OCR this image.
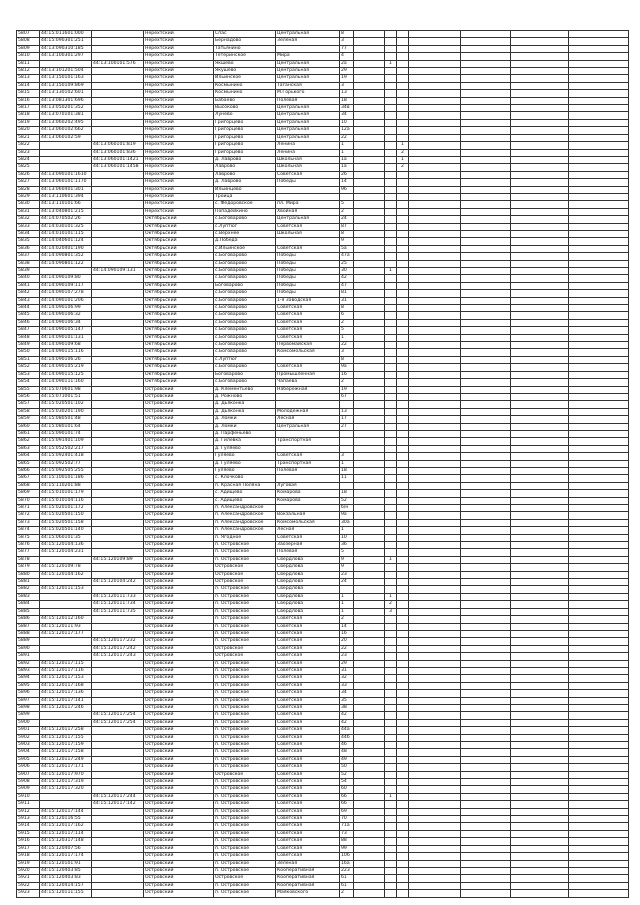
5807	44:15:011601:000		Нерехтский	Спас	Центральная	8							
5808	44:15:090301:251		Нерехтский	Бернадово	Зеленая	3							
5809	44:13:090310:185		Нерехтский	Татьянино		77							
5810	44:13:100301:297		Нерехтский	Тетеринское	Мира	4							
5811		44:13:100101:576	Нерехтский	Якшево	Центральная	2а		1					
5812	44:13:101201:504		Нерехтский	Якушево	Центральная	29							
5813	44:13:150101:163		Нерехтский	Ильинское	Центральная	19							
5814	44:13:150109:869		Нерехтский	Космынино	Таганская	3							
5815	44:13:130102:601		Нерехтский	Космынино	М.Горького	13							
5816	44:13:081301:696		Нерехтский	Бабаево	Полевая	18							
5817	44:13:050201:352		Нерехтский	Высоково	Центральная	34в							
5818	44:13:070101:381		Нерехтский	Лунево	Центральная	34							
5819	44:13:060202:495		Нерехтский	Григорцево	Центральная	10							
5820	44:13:060102:662		Нерехтский	Григорцево	Центральная	12а							
5821	44:13:060102:59		Нерехтский	Григорцево	Центральная	22							
5822		44:13:060101:819	Нерехтский	Григорцево	Ленина	1			1				
5823		44:13:060101:836	Нерехтский	Григорцево	Ленина	1			2				
5824		44:13:060101:1421	Нерехтский	д. Лаврово	Школьная	1а			1				
5825		44:13:060101:1458	Нерехтский	Лаврово	Школьная	1а			2				
5826	44:13:090101:1610		Нерехтский	Лаврово	Советская	26							
5827	44:13:060101:1170		Нерехтский	д. Лаврово	Победы	14							
5828	44:13:060401:301		Нерехтский	Ильинцево		96							
5829	44:13:110601:394		Нерехтский	Троица									
5830	44:13:110101:66		Нерехтский	с. Федоровское	пл. Мира	5							
5831	44:13:040801:215		Нерехтский	Попадейкино	Хвойная	2							
5832	44:14:070502:26		Октябрьский	с.Боговарово	Центральная	24							
5833	44:14:030101:325		Октябрьский	с.Луптюг	Советская	87							
5834	44:14:010101:115		Октябрьский	с.Верхнее	Школьная	8							
5835	44:14:040601:124		Октябрьский	д.Победа		9							
5836	44:14:020401:190		Октябрьский	с.Ильинское	Советская	5а							
5837	44:14:090801:352		Октябрьский	с.Боговарово	Победы	47а							
5838	44:14:090801:122		Октябрьский	с.Боговарово	Победы	25							
5839		44:14:090109:131	Октябрьский	с.Боговарово	Победы	30		1					
5840	44:14:090109:80		Октябрьский	с.Боговарово	Победы	42							
5841	44:14:090109:117		Октябрьский	Боговарово	Победы	47							
5842	44:14:090107:278		Октябрьский	с.Боговарово	Победы	81							
5843	44:14:090101:206		Октябрьский	с.Боговарово	1-я Заводская	31							
5844	44:14:090106:99		Октябрьский	с.Боговарово	Советская	8							
5845	44:14:090106:32		Октябрьский	с.Боговарово	Советская	6							
5846	44:14:090106:34		Октябрьский	с.Боговарово	Советская	2							
5847	44:14:090105:147		Октябрьский	с.Боговарово	Советская	5							
5848	44:14:090101:131		Октябрьский	с.Боговарово	Советская	1							
5849	44:14:090109:68		Октябрьский	с.Боговарово	Первомайская	22							
5850	44:14:090115:116		Октябрьский	с.Боговарово	Комсомольская	3							
5851	44:14:090106:26		Октябрьский	с.Луптюг		8							
5852	44:14:090105:219		Октябрьский	с.Боговарово	Советская	9а							
5853	44:14:090115:125		Октябрьский	Боговарово	Промышленная	16							
5854	44:14:090111:160		Октябрьский	с.Боговарово	Чапаева	2							
5855	44:15:070601:98		Островский	д. Клементьево	Набережная	19							
5856	44:15:071001:51		Островский	д. Рожново		67							
5857	44:15:020501:102		Островский	д. Дьяконка									
5858	44:15:030201:190		Островский	д. Дьяконка	Молодежная	13							
5859	44:15:080501:48		Островский	д. Ломки	Лесная	17							
5860	44:15:080101:64		Островский	д. Ломки	Центральная	27							
5861	44:15:090101:74		Островский	д. Парфеньево									
5862	44:15:091401:109		Островский	д. Гилевка	Транспортная								
5863	44:15:052502:217		Островский	д. Гуляево									
5864	44:15:092401:418		Островский	Гуляево	Советская	3							
5865	44:15:092502:77		Островский	д. Гуляево	Транспортная	1							
5866	44:15:092505:255		Островский	Гуляево	Полевая	18							
5867	44:15:100101:186		Островский	с. Клочково		11							
5868	44:15:110201:88		Островский	п. Красная Поляна	Луговая								
5869	44:15:010101:179		Островский	с. Адищево	Комарова	18							
5870	44:15:010104:116		Островский	с. Адищево	Комарова	52							
5871	44:15:020101:172		Островский	п. Александровское		б/н							
5872	44:15:020501:150		Островский	п. Александровское	Вокзальная	9а							
5873	44:15:020501:158		Островский	п. Александровское	Комсомольская	30а							
5874	44:15:020501:140		Островский	п. Александровское	Лесная	1							
5875	44:15:060101:35		Островский	п. Ягодное	Советская	10							
5876	44:15:120104:136		Островский	п. Островское	Заозерная	36							
5877	44:15:120104:231		Островский	п. Островское	Полевая	5							
5878		44:15:120109:89	Островский	п. Островское	Свердлова	9		1					
5879	44:15:120109:78		Островский	Островское	Свердлова	9							
5880	44:15:120104:162		Островский	Островское	Свердлова	23							
5881		44:15:120104:242	Островский	Островское	Свердлова	24							
5882	44:15:120111:153		Островский	п. Островское	Свердлова								
5883		44:15:120111:733	Островский	п. Островское	Свердлова	1		1					
5884		44:15:120111:734	Островский	п. Островское	Свердлова	1		2					
5885		44:15:120111:735	Островский	п. Островское	Свердлова	1		3					
5886	44:15:120112:160		Островский	п. Островское	Советская	2							
5887	44:15:120111:93		Островский	п. Островское	Советская	14							
5888	44:15:120117:177		Островский	п. Островское	Советская	16							
5889		44:15:120117:232	Островский	п. Островское	Советская	20							
5890		44:15:120117:242	Островский	Островское	Советская	22							
5891		44:15:120117:243	Островский	Островское	Советская	23							
5892	44:15:120117:115		Островский	п. Островское	Советская	29							
5893	44:15:120117:116		Островский	п. Островское	Советская	31							
5894	44:15:120117:153		Островский	п. Островское	Советская	32							
5895	44:15:120117:168		Островский	п. Островское	Советская	33							
5896	44:15:120117:136		Островский	п. Островское	Советская	34							
5897	44:15:120117:141		Островский	п. Островское	Советская	35							
5898	44:15:120117:246		Островский	п. Островское	Советская	38							
5899		44:15:120117:254	Островский	п. Островское	Советская	42							
5900		44:15:120117:254	Островский	п. Островское	Советская	42							
5901	44:15:120117:258		Островский	п. Островское	Советская	44а							
5902	44:15:120117:155		Островский	п. Островское	Советская	44б							
5903	44:15:120117:159		Островский	п. Островское	Советская	46							
5904	44:15:120117:158		Островский	п. Островское	Советская	48							
5905	44:15:120117:249		Островский	п. Островское	Советская	49							
5906	44:15:120117:171		Островский	п. Островское	Советская	50							
5907	44:15:120117:970		Островский	Островское	Советская	52							
5908	44:15:120117:319		Островский	п. Островское	Советская	54							
5909	44:15:120117:320		Островский	п. Островское	Советская	60							
5910		44:15:120117:244	Островский	п. Островское	Советская	66		1					
5911		44:15:120117:142	Островский	п. Островское	Советская	66							
5912	44:15:120117:144		Островский	п. Островское	Советская	69							
5913	44:15:120116:55		Островский	п. Островское	Советская	70							
5914	44:15:120117:162		Островский	п. Островское	Советская	71а							
5915	44:15:120117:114		Островский	п. Островское	Советская	73							
5916	44:15:120317:148		Островский	п. Островское	Советская	88							
5917	44:15:120407:56		Островский	п. Островское	Советская	99							
5918	44:15:120117:174		Островский	п. Островское	Советская	106							
5919	44:15:120101:91		Островский	п. Островское	Зеленая	16а							
5920	44:15:120403:85		Островский	п. Островское	Кооперативная	223							
5921	44:15:120403:83		Островский	Островское	Кооперативная	61							
5922	44:15:120414:157		Островский	п. Островское	Кооперативная	61							
5923	44:15:120111:155		Островский	п. Островское	Маяковского	2							
